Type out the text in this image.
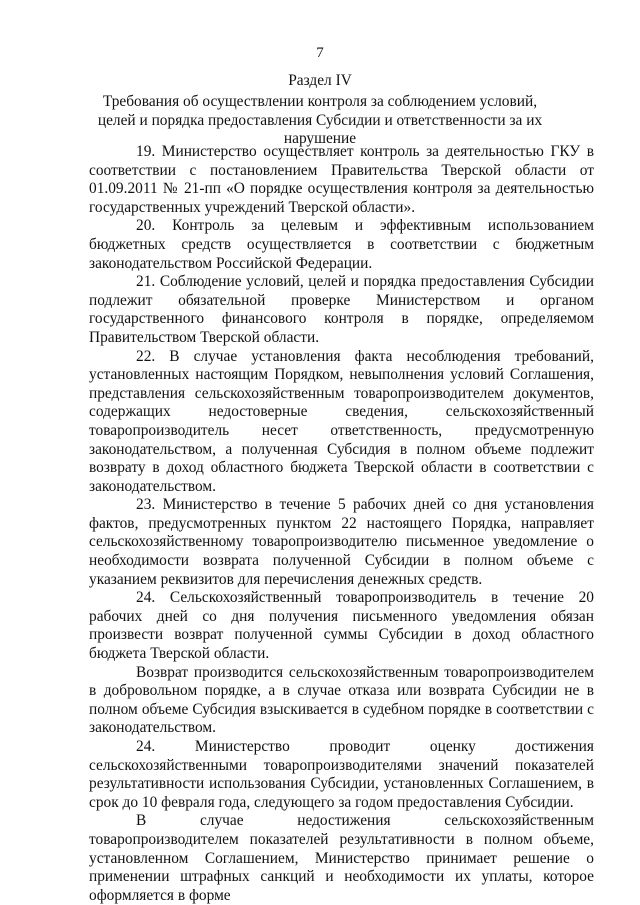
7
Раздел IV
Требования об осуществлении контроля за соблюдением условий, целей и порядка предоставления Субсидии и ответственности за их нарушение

19. Министерство осуществляет контроль за деятельностью ГКУ в соответствии с постановлением Правительства Тверской области от 01.09.2011 № 21-пп «О порядке осуществления контроля за деятельностью государственных учреждений Тверской области».

20. Контроль за целевым и эффективным использованием бюджетных средств осуществляется в соответствии с бюджетным законодательством Российской Федерации.

21. Соблюдение условий, целей и порядка предоставления Субсидии подлежит обязательной проверке Министерством и органом государственного финансового контроля в порядке, определяемом Правительством Тверской области.

22. В случае установления факта несоблюдения требований, установленных настоящим Порядком, невыполнения условий Соглашения, представления сельскохозяйственным товаропроизводителем документов, содержащих недостоверные сведения, сельскохозяйственный товаропроизводитель несет ответственность, предусмотренную законодательством, а полученная Субсидия в полном объеме подлежит возврату в доход областного бюджета Тверской области в соответствии с законодательством.

23. Министерство в течение 5 рабочих дней со дня установления фактов, предусмотренных пунктом 22 настоящего Порядка, направляет сельскохозяйственному товаропроизводителю письменное уведомление о необходимости возврата полученной Субсидии в полном объеме с указанием реквизитов для перечисления денежных средств.

24. Сельскохозяйственный товаропроизводитель в течение 20 рабочих дней со дня получения письменного уведомления обязан произвести возврат полученной суммы Субсидии в доход областного бюджета Тверской области.

Возврат производится сельскохозяйственным товаропроизводителем в добровольном порядке, а в случае отказа или возврата Субсидии не в полном объеме Субсидия взыскивается в судебном порядке в соответствии с законодательством.

24. Министерство проводит оценку достижения сельскохозяйственными товаропроизводителями значений показателей результативности использования Субсидии, установленных Соглашением, в срок до 10 февраля года, следующего за годом предоставления Субсидии.

В случае недостижения сельскохозяйственным товаропроизводителем показателей результативности в полном объеме, установленном Соглашением, Министерство принимает решение о применении штрафных санкций и необходимости их уплаты, которое оформляется в форме
